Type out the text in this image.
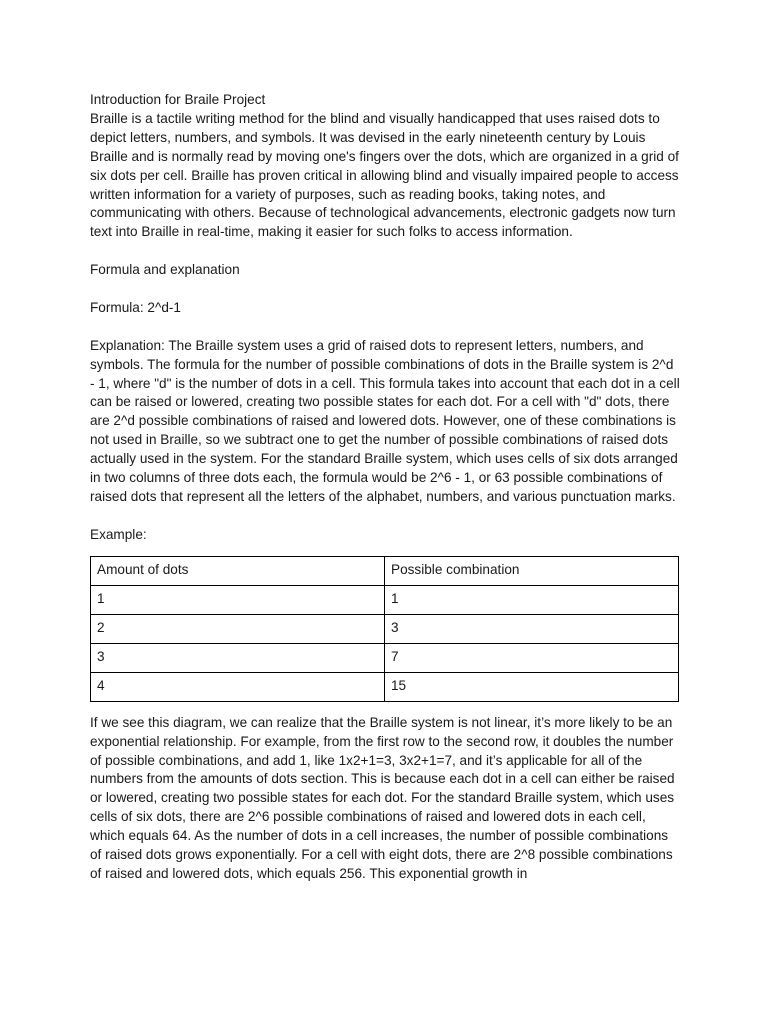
Introduction for Braile Project

Braille is a tactile writing method for the blind and visually handicapped that uses raised dots to depict letters, numbers, and symbols. It was devised in the early nineteenth century by Louis Braille and is normally read by moving one's fingers over the dots, which are organized in a grid of six dots per cell. Braille has proven critical in allowing blind and visually impaired people to access written information for a variety of purposes, such as reading books, taking notes, and communicating with others. Because of technological advancements, electronic gadgets now turn text into Braille in real-time, making it easier for such folks to access information.

Formula and explanation

Formula: 2^d-1

Explanation: The Braille system uses a grid of raised dots to represent letters, numbers, and symbols. The formula for the number of possible combinations of dots in the Braille system is 2^d - 1, where "d" is the number of dots in a cell. This formula takes into account that each dot in a cell can be raised or lowered, creating two possible states for each dot. For a cell with "d" dots, there are 2^d possible combinations of raised and lowered dots. However, one of these combinations is not used in Braille, so we subtract one to get the number of possible combinations of raised dots actually used in the system. For the standard Braille system, which uses cells of six dots arranged in two columns of three dots each, the formula would be 2^6 - 1, or 63 possible combinations of raised dots that represent all the letters of the alphabet, numbers, and various punctuation marks.

Example:

Amount of dots	Possible combination
1	1
2	3
3	7
4	15

If we see this diagram, we can realize that the Braille system is not linear, it’s more likely to be an exponential relationship. For example, from the first row to the second row, it doubles the number of possible combinations, and add 1, like 1x2+1=3, 3x2+1=7, and it’s applicable for all of the numbers from the amounts of dots section. This is because each dot in a cell can either be raised or lowered, creating two possible states for each dot. For the standard Braille system, which uses cells of six dots, there are 2^6 possible combinations of raised and lowered dots in each cell, which equals 64. As the number of dots in a cell increases, the number of possible combinations of raised dots grows exponentially. For a cell with eight dots, there are 2^8 possible combinations of raised and lowered dots, which equals 256. This exponential growth in
